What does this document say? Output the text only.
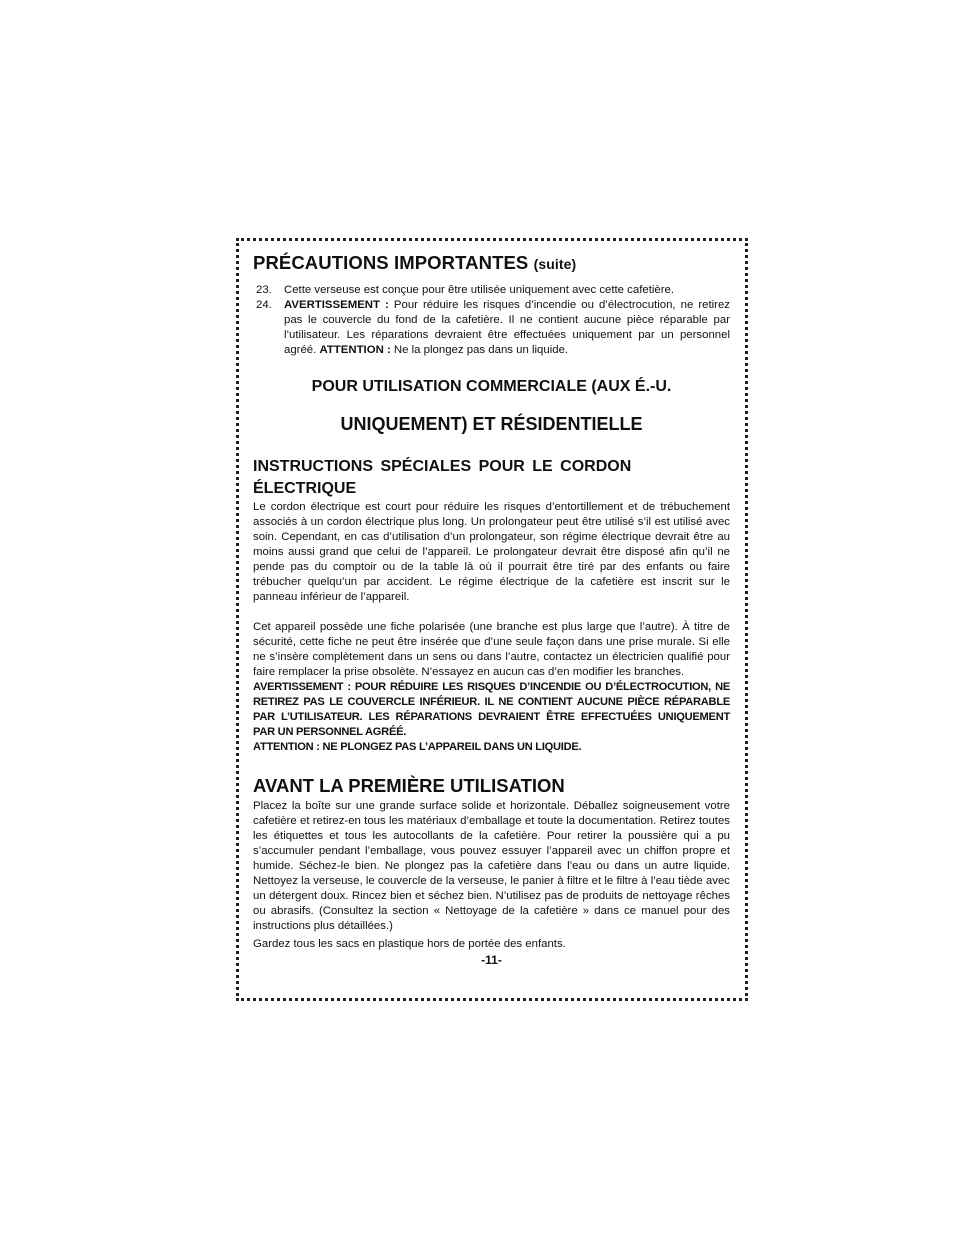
PRÉCAUTIONS IMPORTANTES (suite)
23.	Cette verseuse est conçue pour être utilisée uniquement avec cette cafetière.
24.	AVERTISSEMENT : Pour réduire les risques d’incendie ou d’électrocution, ne retirez pas le couvercle du fond de la cafetière. Il ne contient aucune pièce réparable par l’utilisateur. Les réparations devraient être effectuées uniquement par un personnel agréé. ATTENTION : Ne la plongez pas dans un liquide.

POUR UTILISATION COMMERCIALE (AUX É.-U.

UNIQUEMENT) ET RÉSIDENTIELLE

INSTRUCTIONS SPÉCIALES POUR LE CORDON ÉLECTRIQUE

Le cordon électrique est court pour réduire les risques d’entortillement et de trébuchement associés à un cordon électrique plus long. Un prolongateur peut être utilisé s’il est utilisé avec soin. Cependant, en cas d’utilisation d’un prolongateur, son régime électrique devrait être au moins aussi grand que celui de l’appareil. Le prolongateur devrait être disposé afin qu’il ne pende pas du comptoir ou de la table là où il pourrait être tiré par des enfants ou faire trébucher quelqu’un par accident. Le régime électrique de la cafetière est inscrit sur le panneau inférieur de l’appareil.

Cet appareil possède une fiche polarisée (une branche est plus large que l’autre). À titre de sécurité, cette fiche ne peut être insérée que d’une seule façon dans une prise murale. Si elle ne s’insère complètement dans un sens ou dans l’autre, contactez un électricien qualifié pour faire remplacer la prise obsolète. N’essayez en aucun cas d’en modifier les branches.

AVERTISSEMENT : POUR RÉDUIRE LES RISQUES D’INCENDIE OU D’ÉLECTROCUTION, NE RETIREZ PAS LE COUVERCLE INFÉRIEUR. IL NE CONTIENT AUCUNE PIÈCE RÉPARABLE PAR L’UTILISATEUR. LES RÉPARATIONS DEVRAIENT ÊTRE EFFECTUÉES UNIQUEMENT PAR UN PERSONNEL AGRÉÉ.

ATTENTION : NE PLONGEZ PAS L’APPAREIL DANS UN LIQUIDE.

AVANT LA PREMIÈRE UTILISATION

Placez la boîte sur une grande surface solide et horizontale. Déballez soigneusement votre cafetière et retirez-en tous les matériaux d’emballage et toute la documentation. Retirez toutes les étiquettes et tous les autocollants de la cafetière. Pour retirer la poussière qui a pu s’accumuler pendant l’emballage, vous pouvez essuyer l’appareil avec un chiffon propre et humide. Séchez-le bien. Ne plongez pas la cafetière dans l’eau ou dans un autre liquide. Nettoyez la verseuse, le couvercle de la verseuse, le panier à filtre et le filtre à l’eau tiède avec un détergent doux. Rincez bien et séchez bien. N’utilisez pas de produits de nettoyage rêches ou abrasifs. (Consultez la section « Nettoyage de la cafetière » dans ce manuel pour des instructions plus détaillées.)

Gardez tous les sacs en plastique hors de portée des enfants.

-11-
